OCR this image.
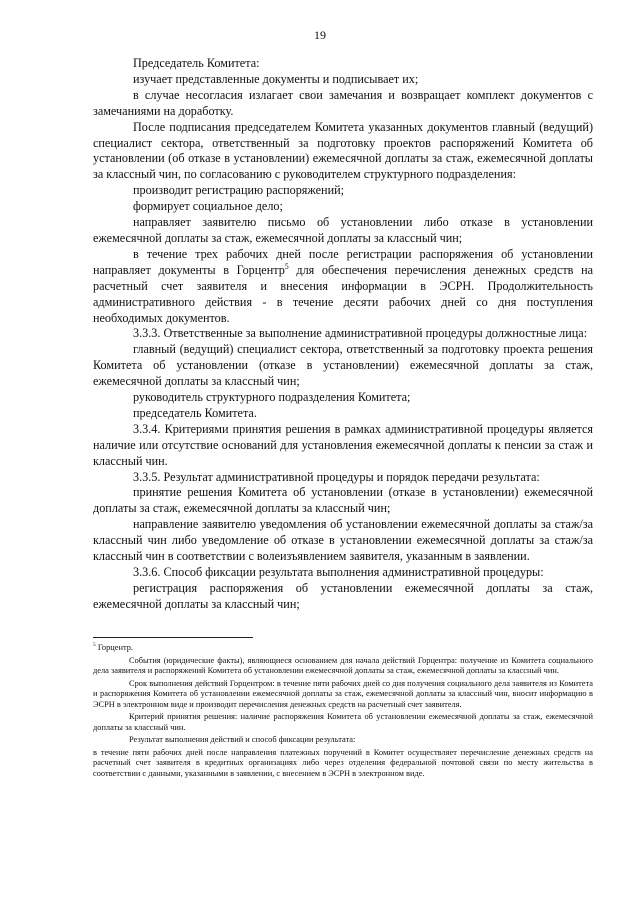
19

Председатель Комитета:

изучает представленные документы и подписывает их;

в случае несогласия излагает свои замечания и возвращает комплект документов с замечаниями на доработку.

После подписания председателем Комитета указанных документов главный (ведущий) специалист сектора, ответственный за подготовку проектов распоряжений Комитета об установлении (об отказе в установлении) ежемесячной доплаты за стаж, ежемесячной доплаты за классный чин, по согласованию с руководителем структурного подразделения:

производит регистрацию распоряжений;

формирует социальное дело;

направляет заявителю письмо об установлении либо отказе в установлении ежемесячной доплаты за стаж, ежемесячной доплаты за классный чин;

в течение трех рабочих дней после регистрации распоряжения об установлении направляет документы в Горцентр$^5$ для обеспечения перечисления денежных средств на расчетный счет заявителя и внесения информации в ЭСРН. Продолжительность административного действия - в течение десяти рабочих дней со дня поступления необходимых документов.

3.3.3. Ответственные за выполнение административной процедуры должностные лица:

главный (ведущий) специалист сектора, ответственный за подготовку проекта решения Комитета об установлении (отказе в установлении) ежемесячной доплаты за стаж, ежемесячной доплаты за классный чин;

руководитель структурного подразделения Комитета;

председатель Комитета.

3.3.4. Критериями принятия решения в рамках административной процедуры является наличие или отсутствие оснований для установления ежемесячной доплаты к пенсии за стаж и классный чин.

3.3.5. Результат административной процедуры и порядок передачи результата:

принятие решения Комитета об установлении (отказе в установлении) ежемесячной доплаты за стаж, ежемесячной доплаты за классный чин;

направление заявителю уведомления об установлении ежемесячной доплаты за стаж/за классный чин либо уведомление об отказе в установлении ежемесячной доплаты за стаж/за классный чин в соответствии с волеизъявлением заявителя, указанным в заявлении.

3.3.6. Способ фиксации результата выполнения административной процедуры:

регистрация распоряжения об установлении ежемесячной доплаты за стаж, ежемесячной доплаты за классный чин;

$^5$ Горцентр.

События (юридические факты), являющиеся основанием для начала действий Горцентра: получение из Комитета социального дела заявителя и распоряжений Комитета об установлении ежемесячной доплаты за стаж, ежемесячной доплаты за классный чин.

Срок выполнения действий Горцентром: в течение пяти рабочих дней со дня получения социального дела заявителя из Комитета и распоряжения Комитета об установлении ежемесячной доплаты за стаж, ежемесячной доплаты за классный чин, вносит информацию в ЭСРН в электронном виде и производит перечисления денежных средств на расчетный счет заявителя.

Критерий принятия решения: наличие распоряжения Комитета об установлении ежемесячной доплаты за стаж, ежемесячной доплаты за классный чин.

Результат выполнения действий и способ фиксации результата:

в течение пяти рабочих дней после направления платежных поручений в Комитет осуществляет перечисление денежных средств на расчетный счет заявителя в кредитных организациях либо через отделения федеральной почтовой связи по месту жительства в соответствии с данными, указанными в заявлении, с внесением в ЭСРН в электронном виде.
